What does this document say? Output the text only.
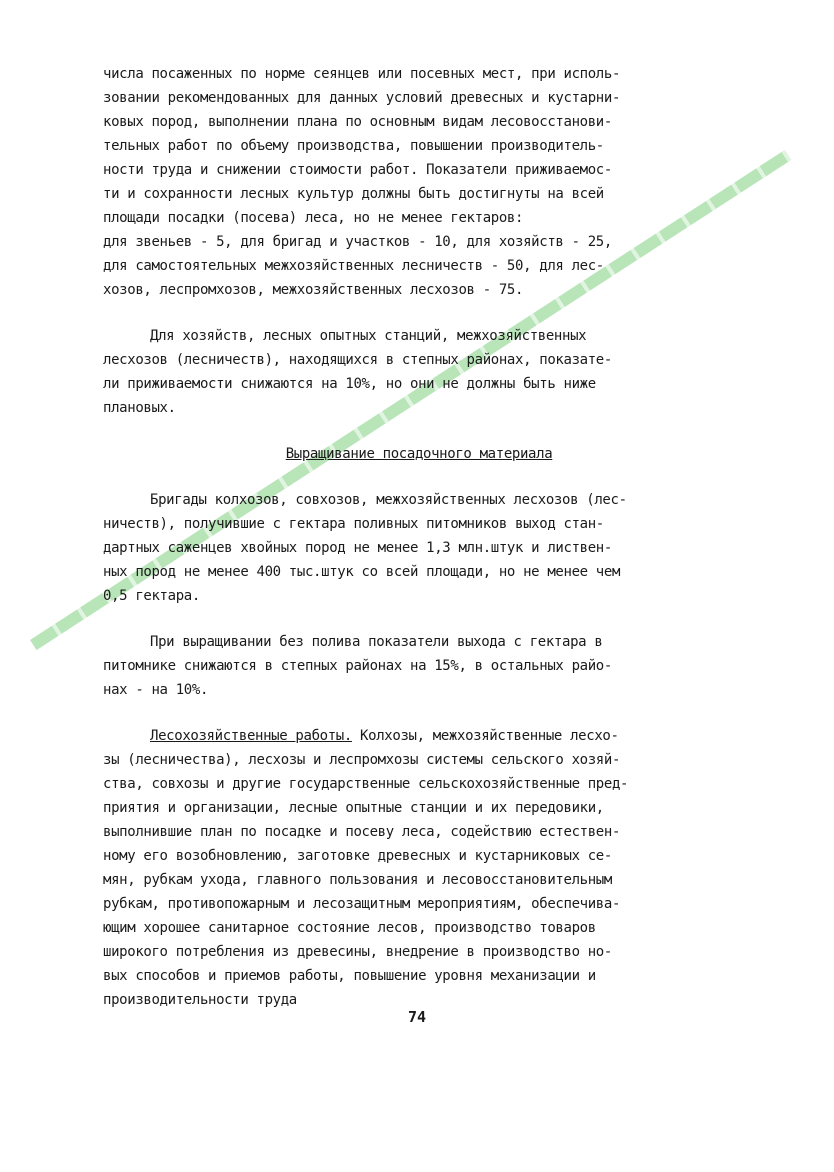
числа посаженных по норме сеянцев или посевных мест, при исполь-
зовании рекомендованных для данных условий древесных и кустарни-
ковых пород, выполнении плана по основным видам лесовосстанови-
тельных работ по объему производства, повышении производитель-
ности труда и снижении стоимости работ. Показатели приживаемос-
ти и сохранности лесных культур должны быть достигнуты на всей
площади посадки (посева) леса, но не менее гектаров:
для звеньев - 5, для бригад и участков - 10, для хозяйств - 25,
для самостоятельных межхозяйственных лесничеств - 50, для лес-
хозов, леспромхозов, межхозяйственных лесхозов - 75.
Для хозяйств, лесных опытных станций, межхозяйственных
лесхозов (лесничеств), находящихся в степных районах, показате-
ли приживаемости снижаются на 10%, но они не должны быть ниже
плановых.
Выращивание посадочного материала
Бригады колхозов, совхозов, межхозяйственных лесхозов (лес-
ничеств), получившие с гектара поливных питомников выход стан-
дартных саженцев хвойных пород не менее 1,3 млн.штук и листвен-
ных пород не менее 400 тыс.штук со всей площади, но не менее чем
0,5 гектара.
При выращивании без полива показатели выхода с гектара в
питомнике снижаются в степных районах на 15%, в остальных райо-
нах - на 10%.
Лесохозяйственные работы. Колхозы, межхозяйственные лесхо-
зы (лесничества), лесхозы и леспромхозы системы сельского хозяй-
ства, совхозы и другие государственные сельскохозяйственные пред-
приятия и организации, лесные опытные станции и их передовики,
выполнившие план по посадке и посеву леса, содействию естествен-
ному его возобновлению, заготовке древесных и кустарниковых се-
мян, рубкам ухода, главного пользования и лесовосстановительным
рубкам, противопожарным и лесозащитным мероприятиям, обеспечива-
ющим хорошее санитарное состояние лесов, производство товаров
широкого потребления из древесины, внедрение в производство но-
вых способов и приемов работы, повышение уровня механизации и
производительности труда
74
